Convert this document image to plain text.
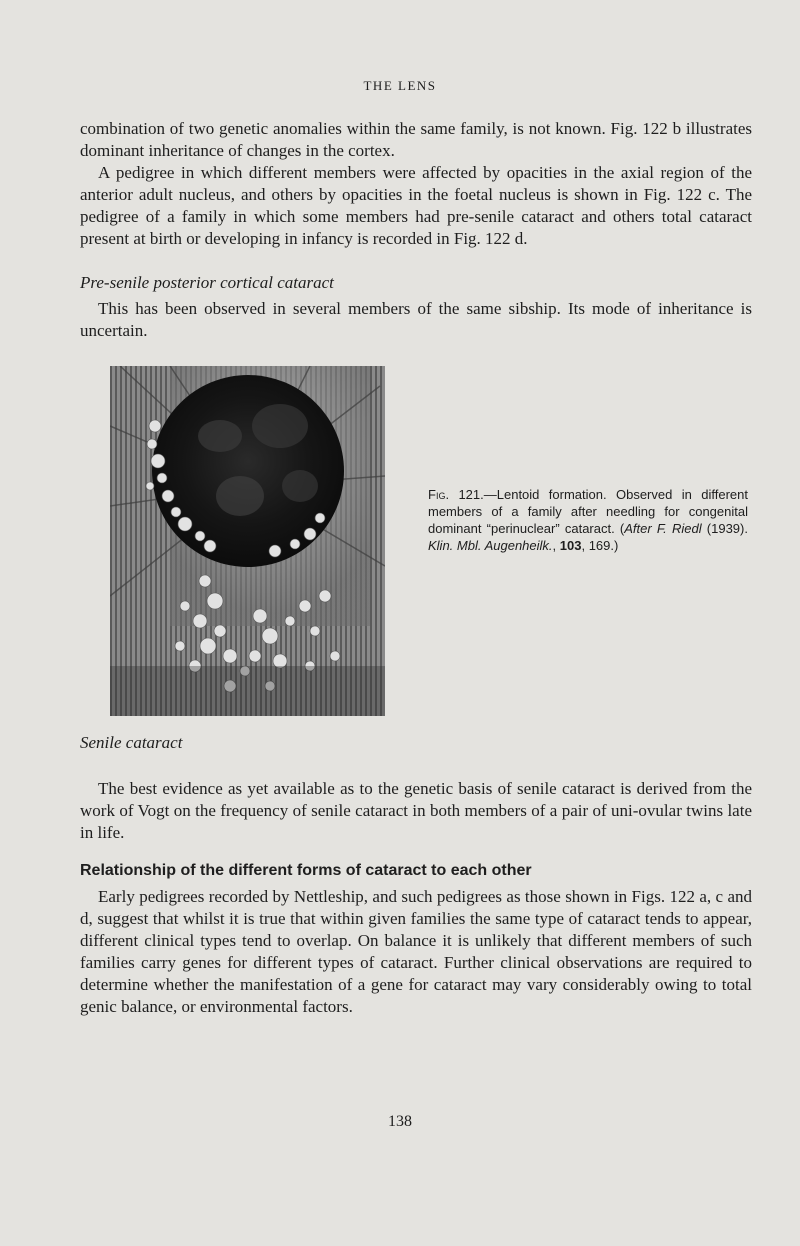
THE LENS

combination of two genetic anomalies within the same family, is not known. Fig. 122 b illustrates dominant inheritance of changes in the cortex.

A pedigree in which different members were affected by opacities in the axial region of the anterior adult nucleus, and others by opacities in the foetal nucleus is shown in Fig. 122 c. The pedigree of a family in which some members had pre-senile cataract and others total cataract present at birth or developing in infancy is recorded in Fig. 122 d.

Pre-senile posterior cortical cataract

This has been observed in several members of the same sibship. Its mode of inheritance is uncertain.

Fig. 121.—Lentoid formation. Observed in different members of a family after needling for congenital dominant “perinuclear” cataract. (After F. Riedl (1939). Klin. Mbl. Augenheilk., 103, 169.)

Senile cataract

The best evidence as yet available as to the genetic basis of senile cataract is derived from the work of Vogt on the frequency of senile cataract in both members of a pair of uni-ovular twins late in life.

Relationship of the different forms of cataract to each other

Early pedigrees recorded by Nettleship, and such pedigrees as those shown in Figs. 122 a, c and d, suggest that whilst it is true that within given families the same type of cataract tends to appear, different clinical types tend to overlap. On balance it is unlikely that different members of such families carry genes for different types of cataract. Further clinical observations are required to determine whether the manifestation of a gene for cataract may vary considerably owing to total genic balance, or environmental factors.

138
